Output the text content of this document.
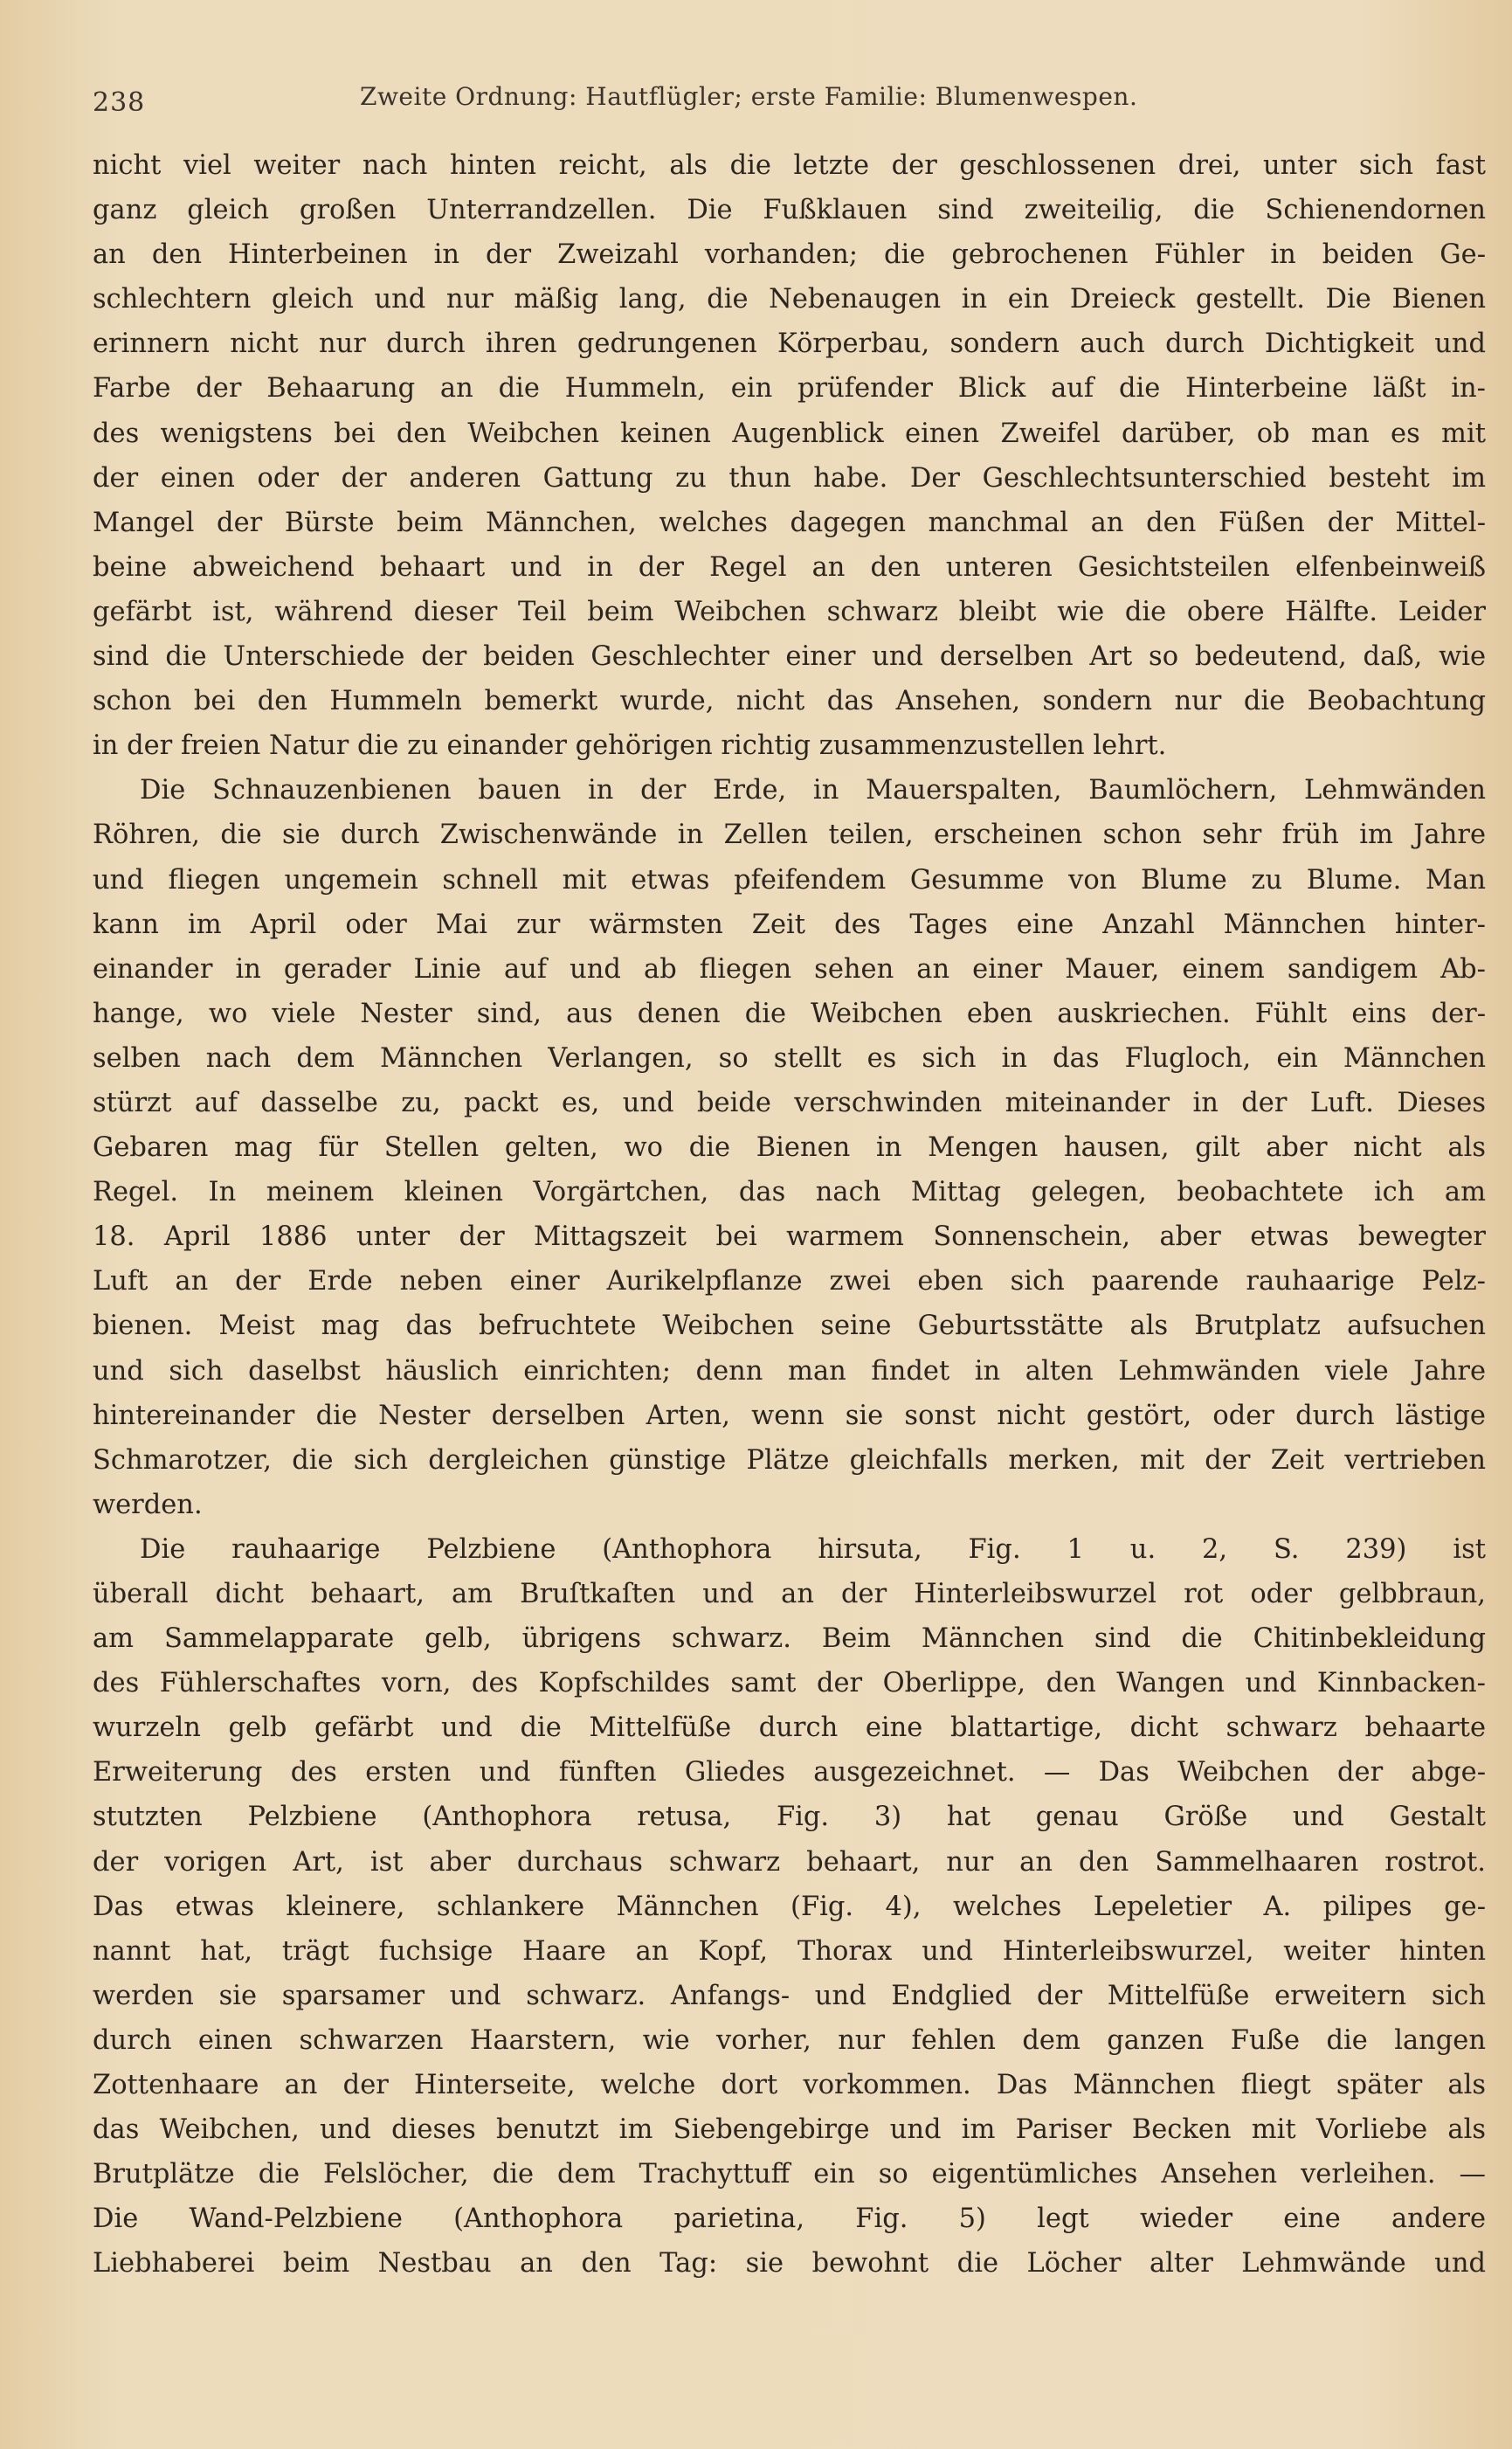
238	Zweite Ordnung: Hautflügler; erste Familie: Blumenwespen.
nicht viel weiter nach hinten reicht, als die letzte der geschlossenen drei, unter sich fast
ganz gleich großen Unterrandzellen. Die Fußklauen sind zweiteilig, die Schienendornen
an den Hinterbeinen in der Zweizahl vorhanden; die gebrochenen Fühler in beiden Ge-
schlechtern gleich und nur mäßig lang, die Nebenaugen in ein Dreieck gestellt. Die Bienen
erinnern nicht nur durch ihren gedrungenen Körperbau, sondern auch durch Dichtigkeit und
Farbe der Behaarung an die Hummeln, ein prüfender Blick auf die Hinterbeine läßt in-
des wenigstens bei den Weibchen keinen Augenblick einen Zweifel darüber, ob man es mit
der einen oder der anderen Gattung zu thun habe. Der Geschlechtsunterschied besteht im
Mangel der Bürste beim Männchen, welches dagegen manchmal an den Füßen der Mittel-
beine abweichend behaart und in der Regel an den unteren Gesichtsteilen elfenbeinweiß
gefärbt ist, während dieser Teil beim Weibchen schwarz bleibt wie die obere Hälfte. Leider
sind die Unterschiede der beiden Geschlechter einer und derselben Art so bedeutend, daß, wie
schon bei den Hummeln bemerkt wurde, nicht das Ansehen, sondern nur die Beobachtung
in der freien Natur die zu einander gehörigen richtig zusammenzustellen lehrt.
Die Schnauzenbienen bauen in der Erde, in Mauerspalten, Baumlöchern, Lehmwänden
Röhren, die sie durch Zwischenwände in Zellen teilen, erscheinen schon sehr früh im Jahre
und fliegen ungemein schnell mit etwas pfeifendem Gesumme von Blume zu Blume. Man
kann im April oder Mai zur wärmsten Zeit des Tages eine Anzahl Männchen hinter-
einander in gerader Linie auf und ab fliegen sehen an einer Mauer, einem sandigem Ab-
hange, wo viele Nester sind, aus denen die Weibchen eben auskriechen. Fühlt eins der-
selben nach dem Männchen Verlangen, so stellt es sich in das Flugloch, ein Männchen
stürzt auf dasselbe zu, packt es, und beide verschwinden miteinander in der Luft. Dieses
Gebaren mag für Stellen gelten, wo die Bienen in Mengen hausen, gilt aber nicht als
Regel. In meinem kleinen Vorgärtchen, das nach Mittag gelegen, beobachtete ich am
18. April 1886 unter der Mittagszeit bei warmem Sonnenschein, aber etwas bewegter
Luft an der Erde neben einer Aurikelpflanze zwei eben sich paarende rauhaarige Pelz-
bienen. Meist mag das befruchtete Weibchen seine Geburtsstätte als Brutplatz aufsuchen
und sich daselbst häuslich einrichten; denn man findet in alten Lehmwänden viele Jahre
hintereinander die Nester derselben Arten, wenn sie sonst nicht gestört, oder durch lästige
Schmarotzer, die sich dergleichen günstige Plätze gleichfalls merken, mit der Zeit vertrieben
werden.
Die rauhaarige Pelzbiene (Anthophora hirsuta, Fig. 1 u. 2, S. 239) ist
überall dicht behaart, am Bruſtkaſten und an der Hinterleibswurzel rot oder gelbbraun,
am Sammelapparate gelb, übrigens schwarz. Beim Männchen sind die Chitinbekleidung
des Fühlerschaftes vorn, des Kopfschildes samt der Oberlippe, den Wangen und Kinnbacken-
wurzeln gelb gefärbt und die Mittelfüße durch eine blattartige, dicht schwarz behaarte
Erweiterung des ersten und fünften Gliedes ausgezeichnet. — Das Weibchen der abge-
stutzten Pelzbiene (Anthophora retusa, Fig. 3) hat genau Größe und Gestalt
der vorigen Art, ist aber durchaus schwarz behaart, nur an den Sammelhaaren rostrot.
Das etwas kleinere, schlankere Männchen (Fig. 4), welches Lepeletier A. pilipes ge-
nannt hat, trägt fuchsige Haare an Kopf, Thorax und Hinterleibswurzel, weiter hinten
werden sie sparsamer und schwarz. Anfangs- und Endglied der Mittelfüße erweitern sich
durch einen schwarzen Haarstern, wie vorher, nur fehlen dem ganzen Fuße die langen
Zottenhaare an der Hinterseite, welche dort vorkommen. Das Männchen fliegt später als
das Weibchen, und dieses benutzt im Siebengebirge und im Pariser Becken mit Vorliebe als
Brutplätze die Felslöcher, die dem Trachyttuff ein so eigentümliches Ansehen verleihen. —
Die Wand-Pelzbiene (Anthophora parietina, Fig. 5) legt wieder eine andere
Liebhaberei beim Nestbau an den Tag: sie bewohnt die Löcher alter Lehmwände und
